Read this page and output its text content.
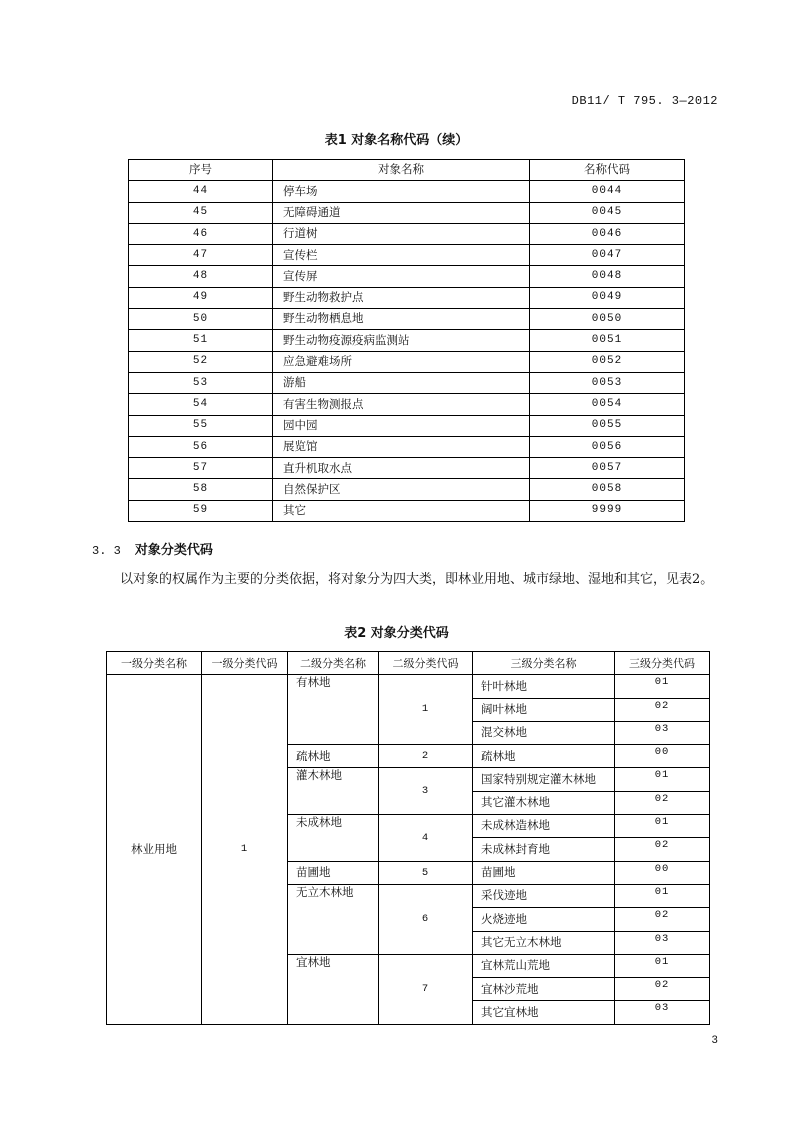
DB11/ T 795. 3—2012
表1 对象名称代码（续）
序号	对象名称	名称代码
44	停车场	0044
45	无障碍通道	0045
46	行道树	0046
47	宣传栏	0047
48	宣传屏	0048
49	野生动物救护点	0049
50	野生动物栖息地	0050
51	野生动物疫源疫病监测站	0051
52	应急避难场所	0052
53	游船	0053
54	有害生物测报点	0054
55	园中园	0055
56	展览馆	0056
57	直升机取水点	0057
58	自然保护区	0058
59	其它	9999
3. 3 对象分类代码
以对象的权属作为主要的分类依据，将对象分为四大类，即林业用地、城市绿地、湿地和其它，见表2。
表2 对象分类代码
一级分类名称	一级分类代码	二级分类名称	二级分类代码	三级分类名称	三级分类代码
林业用地	1	有林地	1	针叶林地	01
				阔叶林地	02
				混交林地	03
		疏林地	2	疏林地	00
		灌木林地	3	国家特别规定灌木林地	01
				其它灌木林地	02
		未成林地	4	未成林造林地	01
				未成林封育地	02
		苗圃地	5	苗圃地	00
		无立木林地	6	采伐迹地	01
				火烧迹地	02
				其它无立木林地	03
		宜林地	7	宜林荒山荒地	01
				宜林沙荒地	02
				其它宜林地	03
3
